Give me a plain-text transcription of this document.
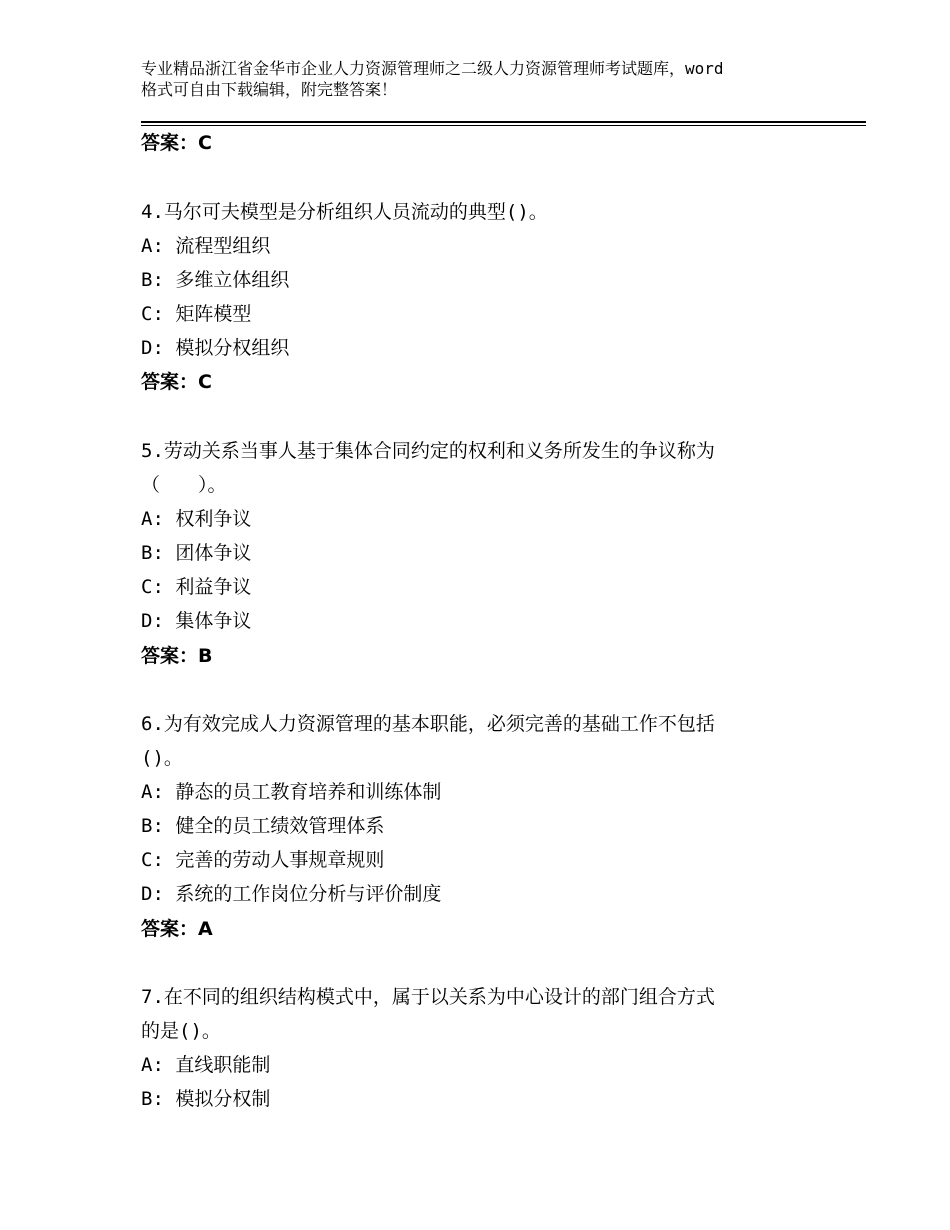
专业精品浙江省金华市企业人力资源管理师之二级人力资源管理师考试题库，word
格式可自由下载编辑，附完整答案！
答案：C
4.马尔可夫模型是分析组织人员流动的典型()。
A: 流程型组织
B: 多维立体组织
C: 矩阵模型
D: 模拟分权组织
答案：C
5.劳动关系当事人基于集体合同约定的权利和义务所发生的争议称为
（　　）。
A: 权利争议
B: 团体争议
C: 利益争议
D: 集体争议
答案：B
6.为有效完成人力资源管理的基本职能，必须完善的基础工作不包括
()。
A: 静态的员工教育培养和训练体制
B: 健全的员工绩效管理体系
C: 完善的劳动人事规章规则
D: 系统的工作岗位分析与评价制度
答案：A
7.在不同的组织结构模式中，属于以关系为中心设计的部门组合方式
的是()。
A: 直线职能制
B: 模拟分权制
